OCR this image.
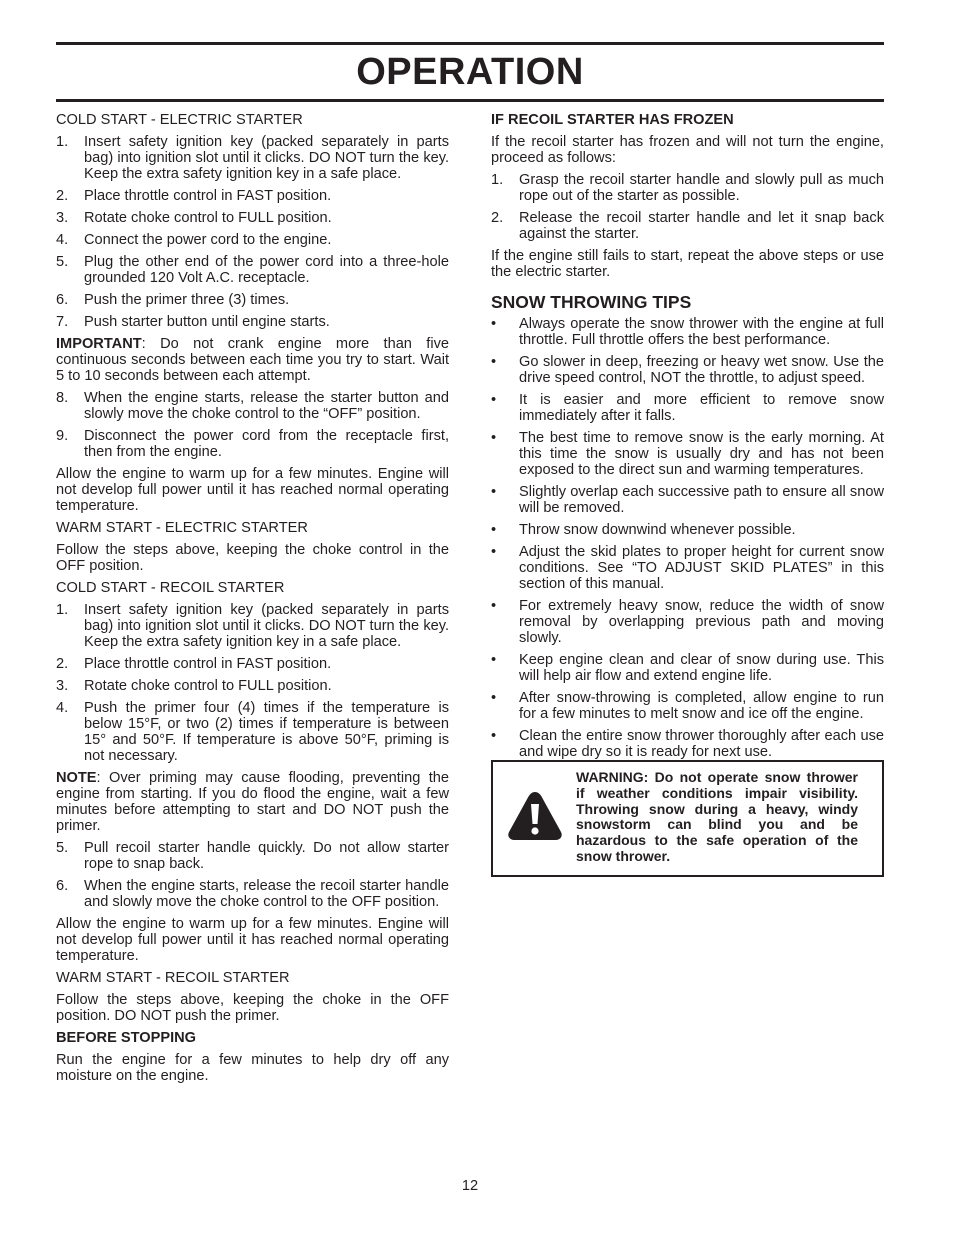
OPERATION

COLD START - ELECTRIC STARTER

1. Insert safety ignition key (packed separately in parts bag) into ignition slot until it clicks. DO NOT turn the key. Keep the extra safety ignition key in a safe place.
2. Place throttle control in FAST position.
3. Rotate choke control to FULL position.
4. Connect the power cord to the engine.
5. Plug the other end of the power cord into a three-hole grounded 120 Volt A.C. receptacle.
6. Push the primer three (3) times.
7. Push starter button until engine starts.

IMPORTANT: Do not crank engine more than five continuous seconds between each time you try to start. Wait 5 to 10 seconds between each attempt.

8. When the engine starts, release the starter button and slowly move the choke control to the “OFF” position.
9. Disconnect the power cord from the receptacle first, then from the engine.

Allow the engine to warm up for a few minutes. Engine will not develop full power until it has reached normal operating temperature.

WARM START - ELECTRIC STARTER

Follow the steps above, keeping the choke control in the OFF position.

COLD START - RECOIL STARTER

1. Insert safety ignition key (packed separately in parts bag) into ignition slot until it clicks. DO NOT turn the key. Keep the extra safety ignition key in a safe place.
2. Place throttle control in FAST position.
3. Rotate choke control to FULL position.
4. Push the primer four (4) times if the temperature is below 15°F, or two (2) times if temperature is between 15° and 50°F. If temperature is above 50°F, priming is not necessary.

NOTE: Over priming may cause flooding, preventing the engine from starting. If you do flood the engine, wait a few minutes before attempting to start and DO NOT push the primer.

5. Pull recoil starter handle quickly. Do not allow starter rope to snap back.
6. When the engine starts, release the recoil starter handle and slowly move the choke control to the OFF position.

Allow the engine to warm up for a few minutes. Engine will not develop full power until it has reached normal operating temperature.

WARM START - RECOIL STARTER

Follow the steps above, keeping the choke in the OFF position. DO NOT push the primer.

BEFORE STOPPING

Run the engine for a few minutes to help dry off any moisture on the engine.

IF RECOIL STARTER HAS FROZEN

If the recoil starter has frozen and will not turn the engine, proceed as follows:

1. Grasp the recoil starter handle and slowly pull as much rope out of the starter as possible.
2. Release the recoil starter handle and let it snap back against the starter.

If the engine still fails to start, repeat the above steps or use the electric starter.

SNOW THROWING TIPS

• Always operate the snow thrower with the engine at full throttle. Full throttle offers the best performance.
• Go slower in deep, freezing or heavy wet snow. Use the drive speed control, NOT the throttle, to adjust speed.
• It is easier and more efficient to remove snow immediately after it falls.
• The best time to remove snow is the early morning. At this time the snow is usually dry and has not been exposed to the direct sun and warming temperatures.
• Slightly overlap each successive path to ensure all snow will be removed.
• Throw snow downwind whenever possible.
• Adjust the skid plates to proper height for current snow conditions. See “TO ADJUST SKID PLATES” in this section of this manual.
• For extremely heavy snow, reduce the width of snow removal by overlapping previous path and moving slowly.
• Keep engine clean and clear of snow during use. This will help air flow and extend engine life.
• After snow-throwing is completed, allow engine to run for a few minutes to melt snow and ice off the engine.
• Clean the entire snow thrower thoroughly after each use and wipe dry so it is ready for next use.
WARNING: Do not operate snow thrower if weather conditions impair visibility. Throwing snow during a heavy, windy snowstorm can blind you and be hazardous to the safe operation of the snow thrower.
12
